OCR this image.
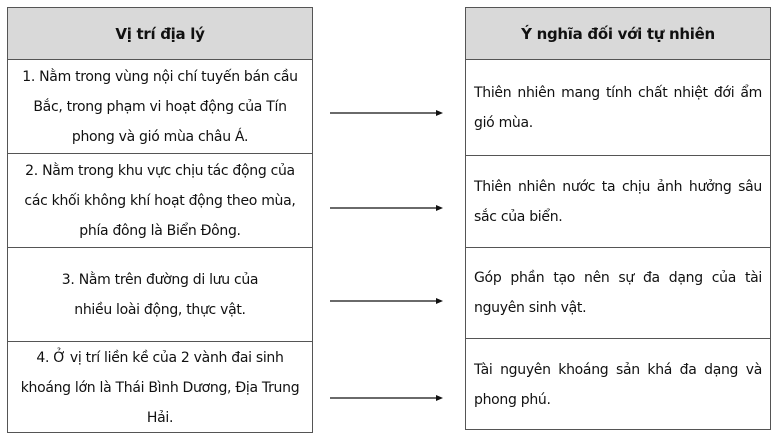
Vị trí địa lý
1. Nằm trong vùng nội chí tuyến bán cầu Bắc, trong phạm vi hoạt động của Tín phong và gió mùa châu Á.
2. Nằm trong khu vực chịu tác động của các khối không khí hoạt động theo mùa, phía đông là Biển Đông.
3. Nằm trên đường di lưu của nhiều loài động, thực vật.
4. Ở vị trí liền kề của 2 vành đai sinh khoáng lớn là Thái Bình Dương, Địa Trung Hải.
Ý nghĩa đối với tự nhiên
Thiên nhiên mang tính chất nhiệt đới ẩm gió mùa.
Thiên nhiên nước ta chịu ảnh hưởng sâu sắc của biển.
Góp phần tạo nên sự đa dạng của tài nguyên sinh vật.
Tài nguyên khoáng sản khá đa dạng và phong phú.
